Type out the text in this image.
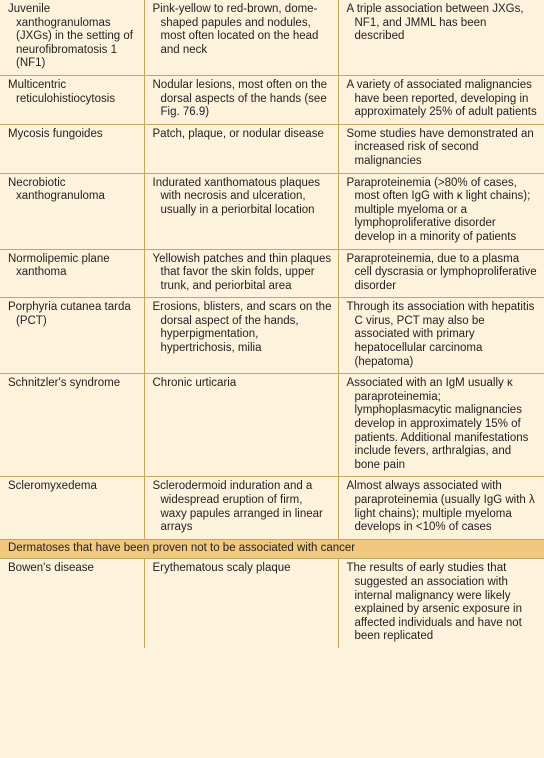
Juvenile xanthogranulomas (JXGs) in the setting of neurofibromatosis 1 (NF1)	Pink-yellow to red-brown, dome-shaped papules and nodules, most often located on the head and neck	A triple association between JXGs, NF1, and JMML has been described

Multicentric reticulohistiocytosis	Nodular lesions, most often on the dorsal aspects of the hands (see Fig. 76.9)	A variety of associated malignancies have been reported, developing in approximately 25% of adult patients

Mycosis fungoides	Patch, plaque, or nodular disease	Some studies have demonstrated an increased risk of second malignancies

Necrobiotic xanthogranuloma	Indurated xanthomatous plaques with necrosis and ulceration, usually in a periorbital location	Paraproteinemia (>80% of cases, most often IgG with κ light chains); multiple myeloma or a lymphoproliferative disorder develop in a minority of patients

Normolipemic plane xanthoma	Yellowish patches and thin plaques that favor the skin folds, upper trunk, and periorbital area	Paraproteinemia, due to a plasma cell dyscrasia or lymphoproliferative disorder

Porphyria cutanea tarda (PCT)	Erosions, blisters, and scars on the dorsal aspect of the hands, hyperpigmentation, hypertrichosis, milia	Through its association with hepatitis C virus, PCT may also be associated with primary hepatocellular carcinoma (hepatoma)

Schnitzler's syndrome	Chronic urticaria	Associated with an IgM usually κ paraproteinemia; lymphoplasmacytic malignancies develop in approximately 15% of patients. Additional manifestations include fevers, arthralgias, and bone pain

Scleromyxedema	Sclerodermoid induration and a widespread eruption of firm, waxy papules arranged in linear arrays	Almost always associated with paraproteinemia (usually IgG with λ light chains); multiple myeloma develops in <10% of cases

Dermatoses that have been proven not to be associated with cancer		

Bowen's disease	Erythematous scaly plaque	The results of early studies that suggested an association with internal malignancy were likely explained by arsenic exposure in affected individuals and have not been replicated
